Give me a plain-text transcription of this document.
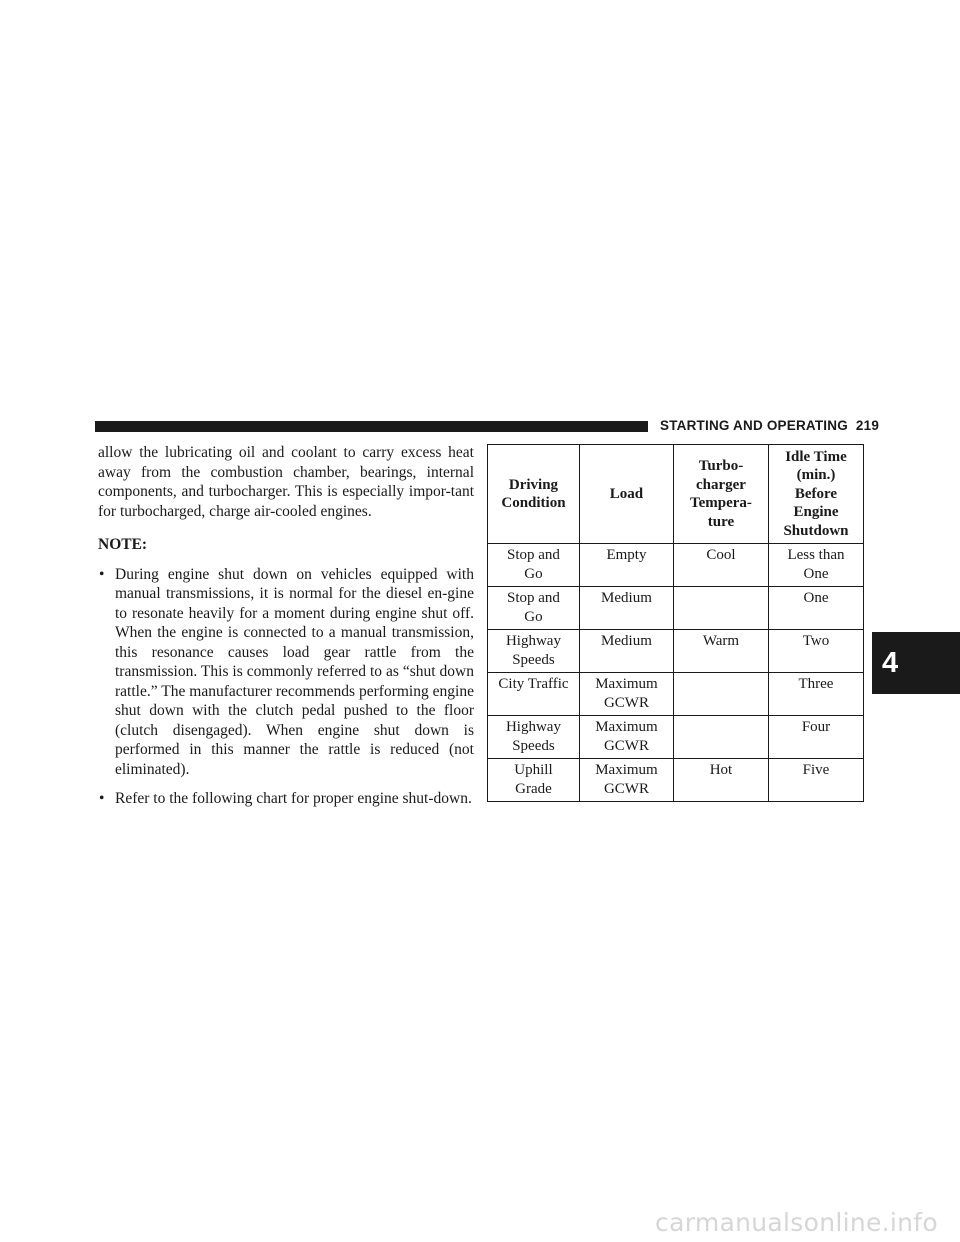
STARTING AND OPERATING 219

allow the lubricating oil and coolant to carry excess heat away from the combustion chamber, bearings, internal components, and turbocharger. This is especially impor-tant for turbocharged, charge air-cooled engines.

NOTE:

• During engine shut down on vehicles equipped with manual transmissions, it is normal for the diesel en-gine to resonate heavily for a moment during engine shut off. When the engine is connected to a manual transmission, this resonance causes load gear rattle from the transmission. This is commonly referred to as “shut down rattle.” The manufacturer recommends performing engine shut down with the clutch pedal pushed to the floor (clutch disengaged). When engine shut down is performed in this manner the rattle is reduced (not eliminated).
• Refer to the following chart for proper engine shut-down.
Driving
Condition	Load	Turbo-
charger
Tempera-
ture	Idle Time
(min.)
Before
Engine
Shutdown

Stop and
Go	Empty	Cool	Less than
One

Stop and
Go	Medium		One

Highway
Speeds	Medium	Warm	Two

City Traffic	Maximum
GCWR		Three

Highway
Speeds	Maximum
GCWR		Four

Uphill
Grade	Maximum
GCWR	Hot	Five
4
carmanualsonline.info
